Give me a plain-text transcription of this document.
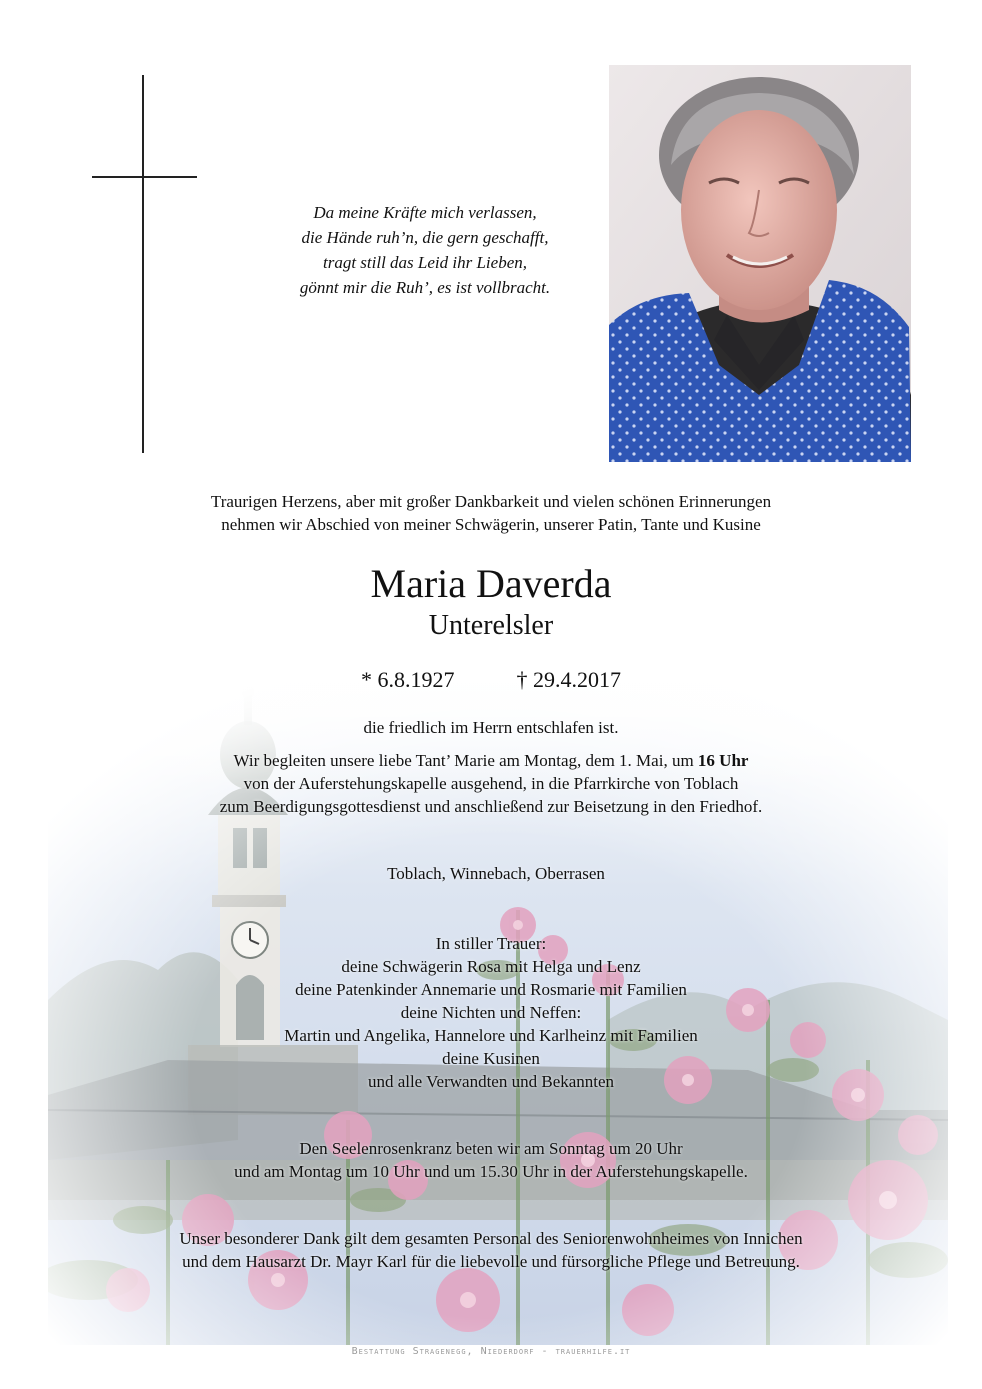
Da meine Kräfte mich verlassen,
die Hände ruh’n, die gern geschafft,
tragt still das Leid ihr Lieben,
gönnt mir die Ruh’, es ist vollbracht.
Traurigen Herzens, aber mit großer Dankbarkeit und vielen schönen Erinnerungen
nehmen wir Abschied von meiner Schwägerin, unserer Patin, Tante und Kusine
Maria Daverda
Unterelsler
* 6.8.1927	† 29.4.2017
die friedlich im Herrn entschlafen ist.
Wir begleiten unsere liebe Tant’ Marie am Montag, dem 1. Mai, um 16 Uhr
von der Auferstehungskapelle ausgehend, in die Pfarrkirche von Toblach
zum Beerdigungsgottesdienst und anschließend zur Beisetzung in den Friedhof.
Toblach, Winnebach, Oberrasen
In stiller Trauer:
deine Schwägerin Rosa mit Helga und Lenz
deine Patenkinder Annemarie und Rosmarie mit Familien
deine Nichten und Neffen:
Martin und Angelika, Hannelore und Karlheinz mit Familien
deine Kusinen
und alle Verwandten und Bekannten
Den Seelenrosenkranz beten wir am Sonntag um 20 Uhr
und am Montag um 10 Uhr und um 15.30 Uhr in der Auferstehungskapelle.
Unser besonderer Dank gilt dem gesamten Personal des Seniorenwohnheimes von Innichen
und dem Hausarzt Dr. Mayr Karl für die liebevolle und fürsorgliche Pflege und Betreuung.
Bestattung Stragenegg, Niederdorf - trauerhilfe.it
